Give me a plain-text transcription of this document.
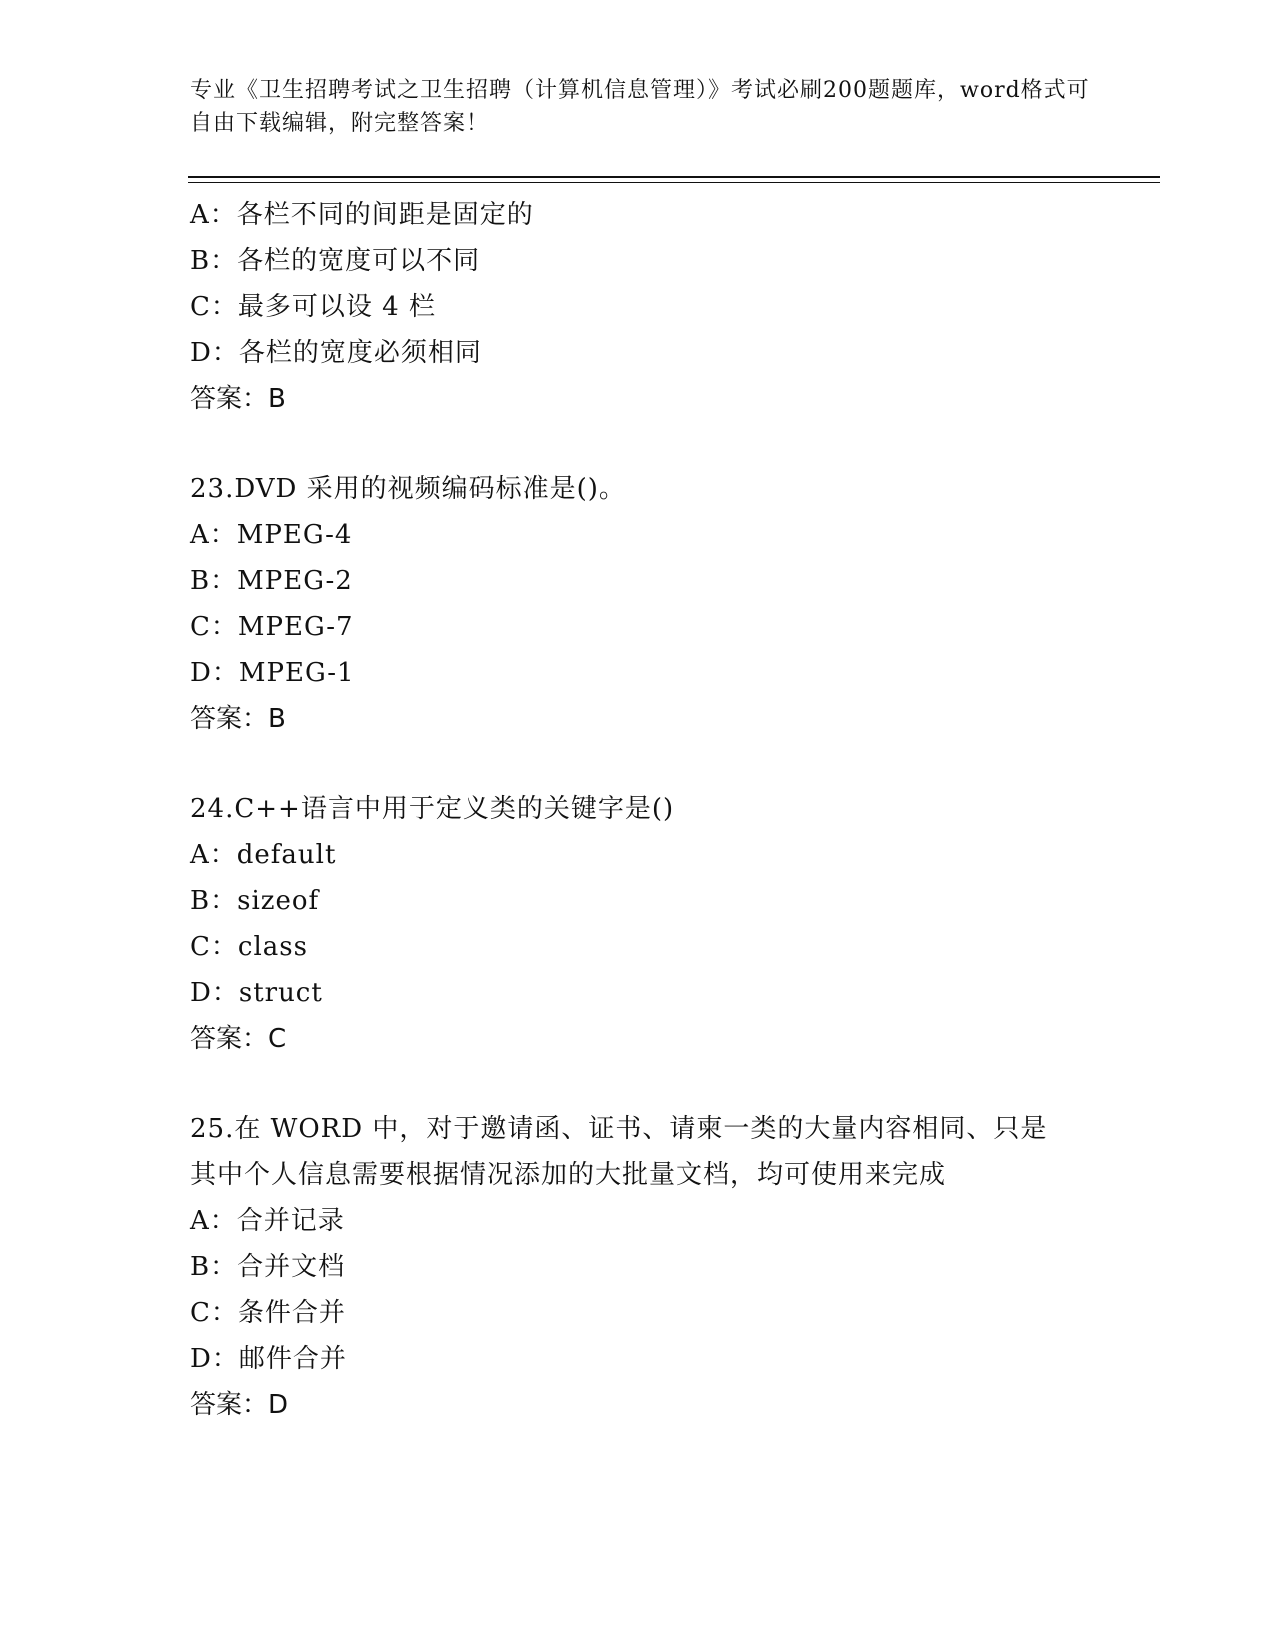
专业《卫生招聘考试之卫生招聘（计算机信息管理）》考试必刷200题题库，word格式可自由下载编辑，附完整答案！
A：各栏不同的间距是固定的
B：各栏的宽度可以不同
C：最多可以设 4 栏
D：各栏的宽度必须相同
答案：B
23.DVD 采用的视频编码标准是()。
A：MPEG-4
B：MPEG-2
C：MPEG-7
D：MPEG-1
答案：B
24.C++语言中用于定义类的关键字是()
A：default
B：sizeof
C：class
D：struct
答案：C
25.在 WORD 中，对于邀请函、证书、请柬一类的大量内容相同、只是其中个人信息需要根据情况添加的大批量文档，均可使用来完成
A：合并记录
B：合并文档
C：条件合并
D：邮件合并
答案：D
